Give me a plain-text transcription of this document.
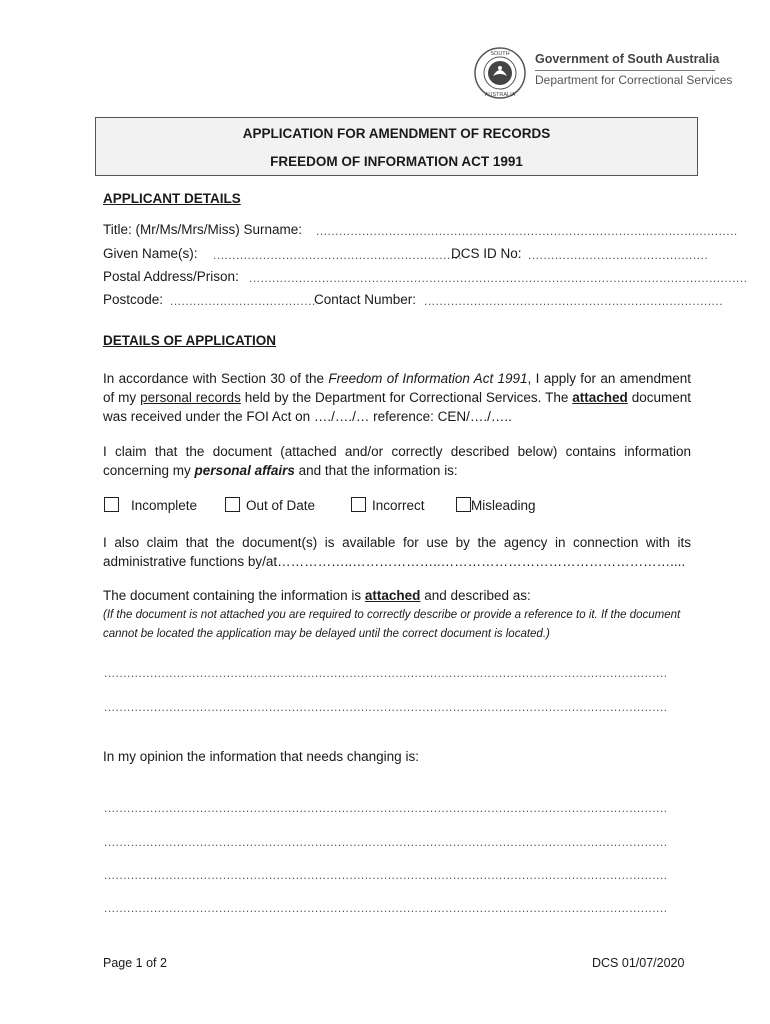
SOUTH
AUSTRALIA
Government of South Australia
Department for Correctional Services
APPLICATION FOR AMENDMENT OF RECORDS
FREEDOM OF INFORMATION ACT 1991
APPLICANT DETAILS
Title: (Mr/Ms/Mrs/Miss) Surname: ..............................................................................................................
Given Name(s): .................................................................
DCS ID No: ...............................................
Postal Address/Prison: ..................................................................................................................................
Postcode: ......................................
Contact Number: ..............................................................................
DETAILS OF APPLICATION
In accordance with Section 30 of the Freedom of Information Act 1991, I apply for an amendment of my personal records held by the Department for Correctional Services. The attached document was received under the FOI Act on …./…./… reference: CEN/…./…..
I claim that the document (attached and/or correctly described below) contains information concerning my personal affairs and that the information is:
Incomplete	Out of Date	Incorrect	Misleading
I also claim that the document(s) is available for use by the agency in connection with its administrative functions by/at……………..………………..……………………………………………....
The document containing the information is attached and described as:
(If the document is not attached you are required to correctly describe or provide a reference to it. If the document cannot be located the application may be delayed until the correct document is located.)
...................................................................................................................................................
...................................................................................................................................................
In my opinion the information that needs changing is:
...................................................................................................................................................
...................................................................................................................................................
...................................................................................................................................................
...................................................................................................................................................
Page 1 of 2	DCS 01/07/2020
